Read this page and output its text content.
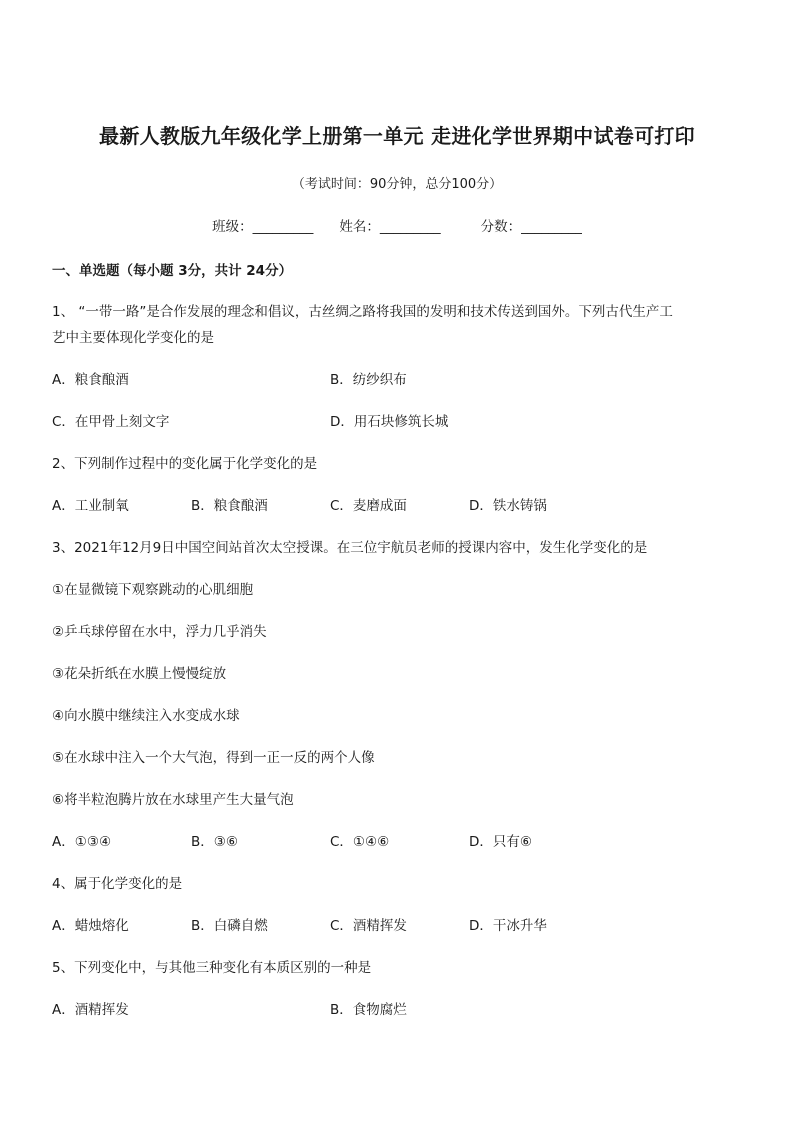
最新人教版九年级化学上册第一单元 走进化学世界期中试卷可打印
（考试时间：90分钟，总分100分）
班级：_________ 姓名：_________	分数：_________
一、单选题（每小题 3分，共计 24分）
1、 “一带一路”是合作发展的理念和倡议，古丝绸之路将我国的发明和技术传送到国外。下列古代生产工
艺中主要体现化学变化的是
A．粮食酿酒	B．纺纱织布
C．在甲骨上刻文字	D．用石块修筑长城
2、下列制作过程中的变化属于化学变化的是
A．工业制氧	B．粮食酿酒	C．麦磨成面	D．铁水铸锅
3、2021年12月9日中国空间站首次太空授课。在三位宇航员老师的授课内容中，发生化学变化的是
①在显微镜下观察跳动的心肌细胞
②乒乓球停留在水中，浮力几乎消失
③花朵折纸在水膜上慢慢绽放
④向水膜中继续注入水变成水球
⑤在水球中注入一个大气泡，得到一正一反的两个人像
⑥将半粒泡腾片放在水球里产生大量气泡
A．①③④	B．③⑥	C．①④⑥	D．只有⑥
4、属于化学变化的是
A．蜡烛熔化	B．白磷自燃	C．酒精挥发	D．干冰升华
5、下列变化中，与其他三种变化有本质区别的一种是
A．酒精挥发	B．食物腐烂
